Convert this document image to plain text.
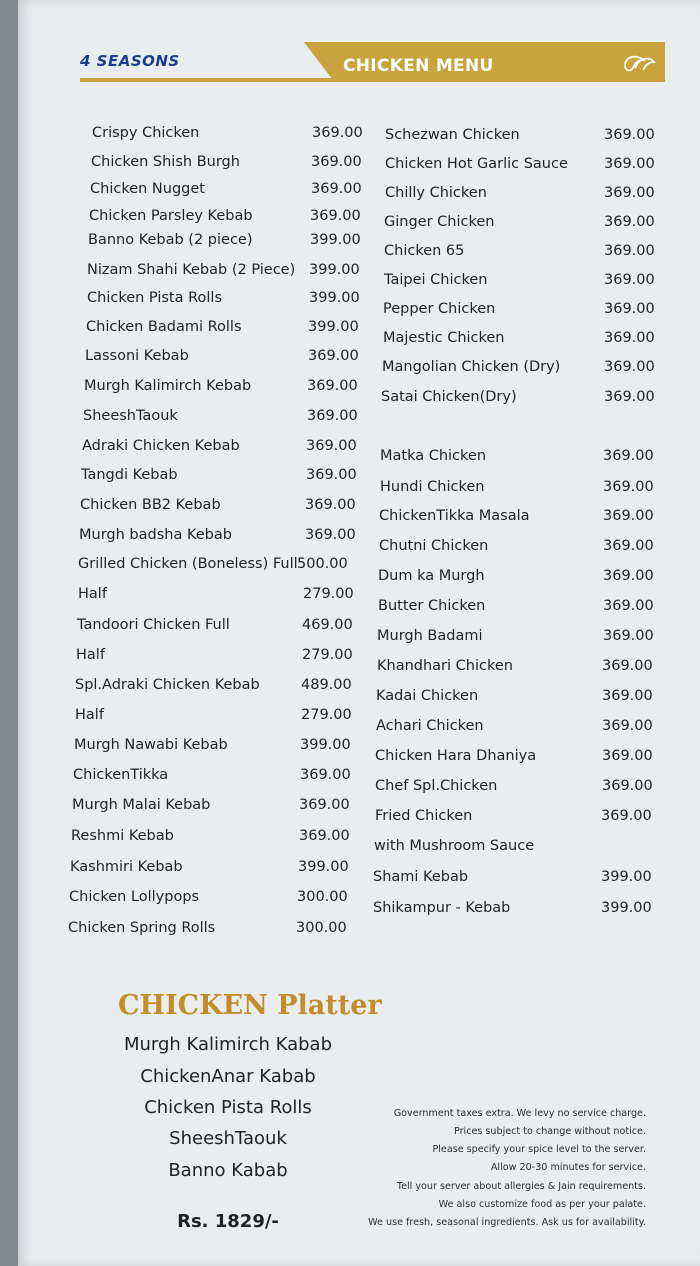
4 SEASONS	CHICKEN MENU
CHICKEN Platter
Rs. 1829/-
Crispy Chicken	369.00
Chicken Shish Burgh	369.00
Chicken Nugget	369.00
Chicken Parsley Kebab	369.00
Banno Kebab (2 piece)	399.00
Nizam Shahi Kebab (2 Piece) 399.00
Chicken Pista Rolls	399.00
Chicken Badami Rolls	399.00
Lassoni Kebab	369.00
Murgh Kalimirch Kebab	369.00
SheeshTaouk	369.00
Adraki Chicken Kebab	369.00
Tangdi Kebab	369.00
Chicken BB2 Kebab	369.00
Murgh badsha Kebab	369.00
Grilled Chicken (Boneless) Full 500.00
Half	279.00
Tandoori Chicken Full	469.00
Half	279.00
Spl.Adraki Chicken Kebab	489.00
Half	279.00
Murgh Nawabi Kebab	399.00
ChickenTikka	369.00
Murgh Malai Kebab	369.00
Reshmi Kebab	369.00
Kashmiri Kebab	399.00
Chicken Lollypops	300.00
Chicken Spring Rolls	300.00
Schezwan Chicken	369.00
Chicken Hot Garlic Sauce 369.00
Chilly Chicken	369.00
Ginger Chicken	369.00
Chicken 65	369.00
Taipei Chicken	369.00
Pepper Chicken	369.00
Majestic Chicken	369.00
Mangolian Chicken (Dry)	369.00
Satai Chicken(Dry)	369.00
Matka Chicken	369.00
Hundi Chicken	369.00
ChickenTikka Masala	369.00
Chutni Chicken	369.00
Dum ka Murgh	369.00
Butter Chicken	369.00
Murgh Badami	369.00
Khandhari Chicken	369.00
Kadai Chicken	369.00
Achari Chicken	369.00
Chicken Hara Dhaniya	369.00
Chef Spl.Chicken	369.00
Fried Chicken	369.00
with Mushroom Sauce
Shami Kebab	399.00
Shikampur - Kebab	399.00
Murgh Kalimirch Kabab
ChickenAnar Kabab
Chicken Pista Rolls
SheeshTaouk
Banno Kabab
Government taxes extra. We levy no service charge.
Prices subject to change without notice.
Please specify your spice level to the server.
Allow 20-30 minutes for service.
Tell your server about allergies & Jain requirements.
We also customize food as per your palate.
We use fresh, seasonal ingredients. Ask us for availability.
